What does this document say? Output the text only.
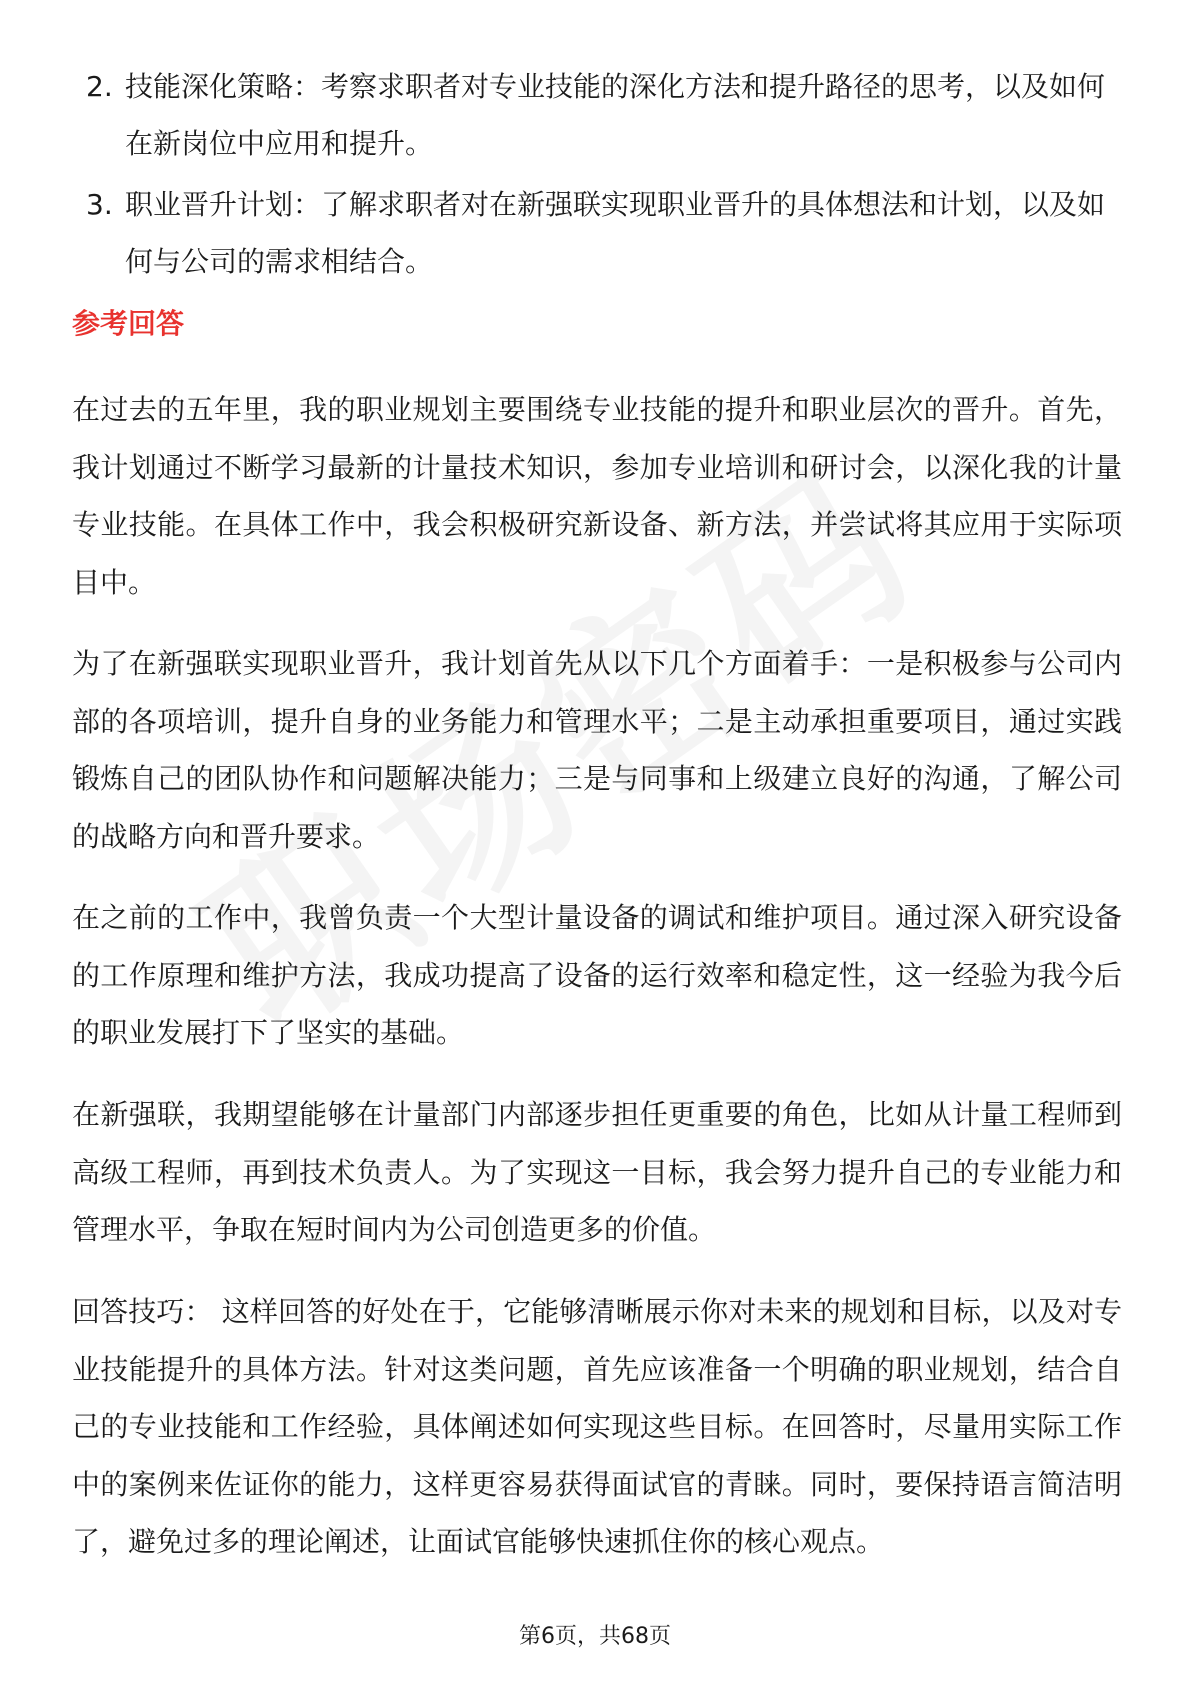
2. 技能深化策略：考察求职者对专业技能的深化方法和提升路径的思考，以及如何在新岗位中应用和提升。
3. 职业晋升计划：了解求职者对在新强联实现职业晋升的具体想法和计划，以及如何与公司的需求相结合。
参考回答

在过去的五年里，我的职业规划主要围绕专业技能的提升和职业层次的晋升。首先，我计划通过不断学习最新的计量技术知识，参加专业培训和研讨会，以深化我的计量专业技能。在具体工作中，我会积极研究新设备、新方法，并尝试将其应用于实际项目中。

为了在新强联实现职业晋升，我计划首先从以下几个方面着手：一是积极参与公司内部的各项培训，提升自身的业务能力和管理水平；二是主动承担重要项目，通过实践锻炼自己的团队协作和问题解决能力；三是与同事和上级建立良好的沟通，了解公司的战略方向和晋升要求。

在之前的工作中，我曾负责一个大型计量设备的调试和维护项目。通过深入研究设备的工作原理和维护方法，我成功提高了设备的运行效率和稳定性，这一经验为我今后的职业发展打下了坚实的基础。

在新强联，我期望能够在计量部门内部逐步担任更重要的角色，比如从计量工程师到高级工程师，再到技术负责人。为了实现这一目标，我会努力提升自己的专业能力和管理水平，争取在短时间内为公司创造更多的价值。

回答技巧： 这样回答的好处在于，它能够清晰展示你对未来的规划和目标，以及对专业技能提升的具体方法。针对这类问题，首先应该准备一个明确的职业规划，结合自己的专业技能和工作经验，具体阐述如何实现这些目标。在回答时，尽量用实际工作中的案例来佐证你的能力，这样更容易获得面试官的青睐。同时，要保持语言简洁明了，避免过多的理论阐述，让面试官能够快速抓住你的核心观点。

第6页，共68页
